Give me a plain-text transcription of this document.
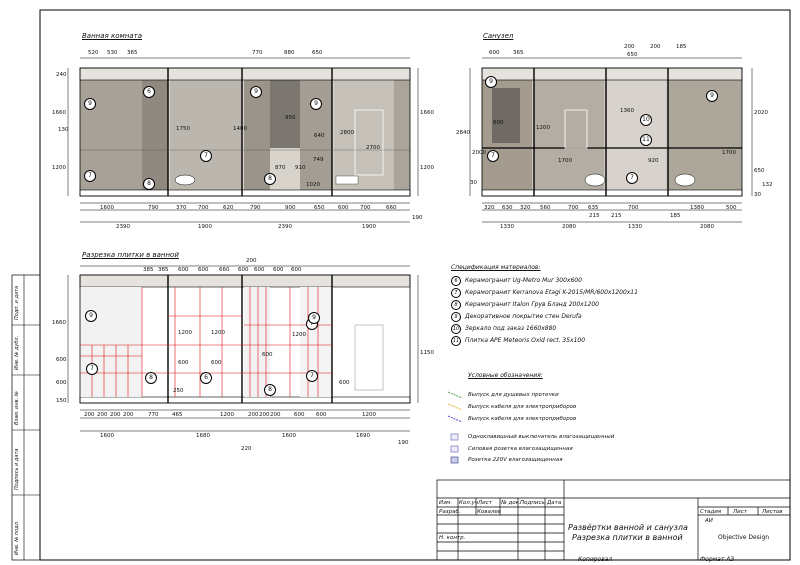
Ванная комната	Санузел
Разрезка плитки в ванной
520 530 365	770	880	650
1600	790	370 700	620	790	900	650 600 700	660
2390	1900	2390	1900
1660
1200
1660
1200
130
240
190
950
640
749
870 910
1020
2800
2700
1750	1400
600 365
200
650
200	185
320 630 320 560	700 635
215
700
215	185
1380	500
1330	2080	1330	2080
2840
2000
2020
650
30
30
132
600
1360
920
1200
1700
1700
385 385 600 600 660
200
600 600 600 600
200 200 200 200	770 465	1200	200 200 200 600 600	1200
1600	1680	1600	1690
1660
600
600
150
220
190
1150
1200
600	600
1200
600
250
1200
600
9
6
7
9
9
8
7
8
9
9
10
11
7
7
9
6
7
8
9
8
7
Спецификация материалов:
6 Керамогранит Ug-Metro Mur 300х600
7 Керамогранит Kerranova Etagi K-2015/MR/600х1200х11
8 Керамогранит Italon Грув Блэнд 200х1200
9 Декоративное покрытие стен Derufa
10 Зеркало под заказ 1660х880
11 Плитка APE Meteoris Oxid rect. 35х100
Условные обозначения:
Выпуск для душевых протечки
Выпуск кабеля для электроприборов
Выпуск кабеля для электроприборов
Одноклавишный выключатель влагозащищенный
Силовая розетка влагозащищенная
Розетка 220V влагозащищенная
Подп. и дата
Инв. № дубл.
Взам. инв. №
Подпись и дата
Инв. № подл.
Изм. Кол.уч Лист № док. Подпись Дата
Разраб.	Ковалев
Н. контр.
Развёртки ванной и санузла
Разрезка плитки в ванной
Стадия Лист	Листов
АИ
Objective Design
Копировал	Формат А3
